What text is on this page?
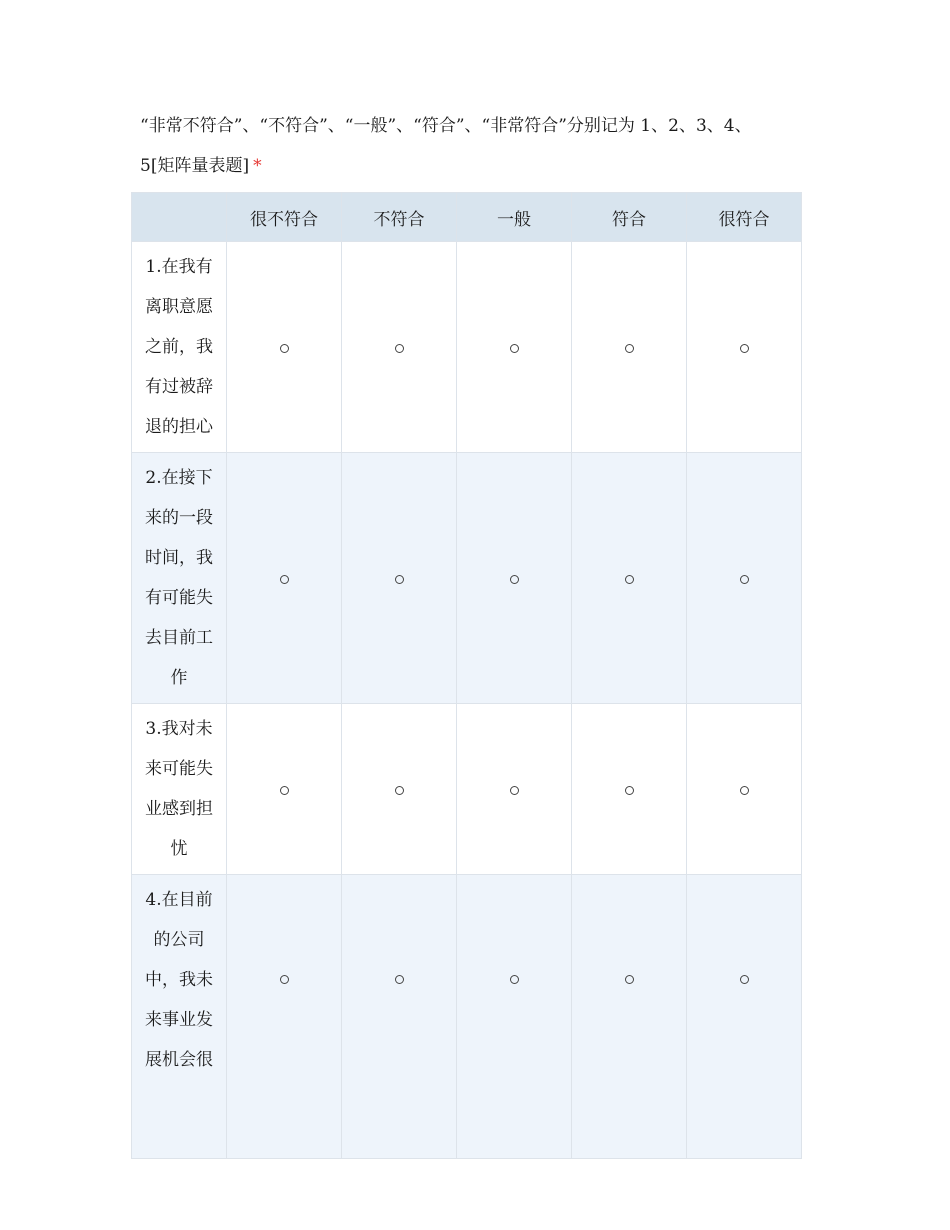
“非常不符合”、“不符合”、“一般”、“符合”、“非常符合”分别记为 1、2、3、4、5[矩阵量表题] *
	很不符合	不符合	一般	符合	很符合
1.在我有离职意愿之前，我有过被辞退的担心					
2.在接下来的一段时间，我有可能失去目前工作					
3.我对未来可能失业感到担忧					

4.在目前的公司中，我未来事业发展机会很					
